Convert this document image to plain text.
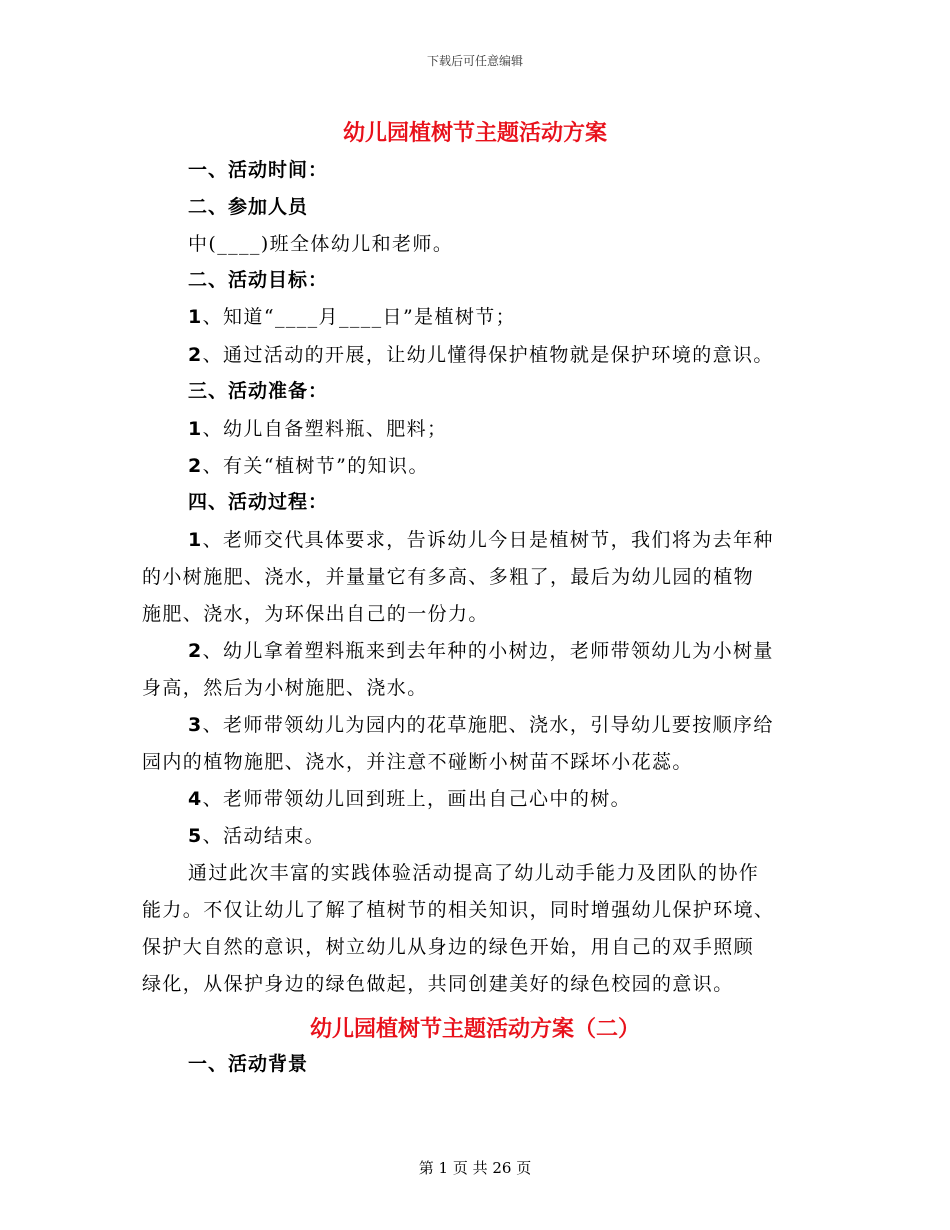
下载后可任意编辑
幼儿园植树节主题活动方案
一、活动时间：
二、参加人员
中(____)班全体幼儿和老师。
二、活动目标：
1、知道“____月____日”是植树节；
2、通过活动的开展，让幼儿懂得保护植物就是保护环境的意识。
三、活动准备：
1、幼儿自备塑料瓶、肥料；
2、有关“植树节”的知识。
四、活动过程：
1、老师交代具体要求，告诉幼儿今日是植树节，我们将为去年种
的小树施肥、浇水，并量量它有多高、多粗了，最后为幼儿园的植物
施肥、浇水，为环保出自己的一份力。
2、幼儿拿着塑料瓶来到去年种的小树边，老师带领幼儿为小树量
身高，然后为小树施肥、浇水。
3、老师带领幼儿为园内的花草施肥、浇水，引导幼儿要按顺序给
园内的植物施肥、浇水，并注意不碰断小树苗不踩坏小花蕊。
4、老师带领幼儿回到班上，画出自己心中的树。
5、活动结束。
通过此次丰富的实践体验活动提高了幼儿动手能力及团队的协作
能力。不仅让幼儿了解了植树节的相关知识，同时增强幼儿保护环境、
保护大自然的意识，树立幼儿从身边的绿色开始，用自己的双手照顾
绿化，从保护身边的绿色做起，共同创建美好的绿色校园的意识。
幼儿园植树节主题活动方案（二）
一、活动背景
第 1 页 共 26 页
